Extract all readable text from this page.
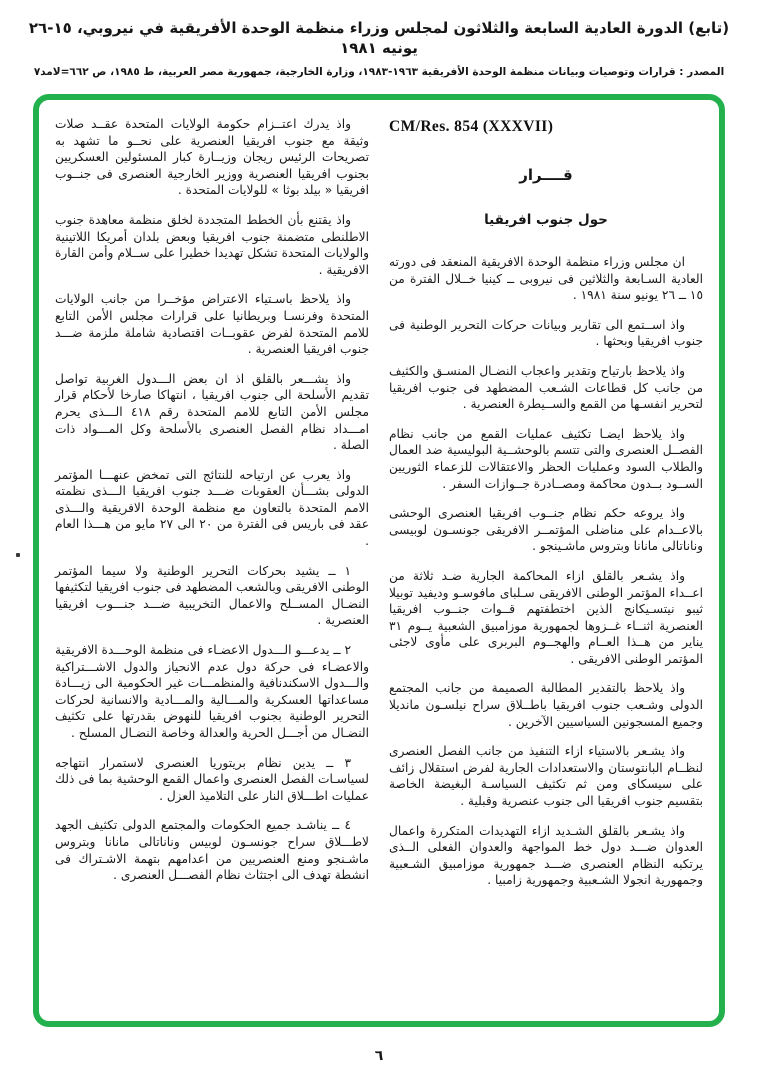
(تابع) الدورة العادية السابعة والثلاثون لمجلس وزراء منظمة الوحدة الأفريقية في نيروبي، ١٥-٢٦ يونيه ١٩٨١
المصدر : قرارات وتوصيات وبيانات منظمة الوحدة الأفريقية ١٩٦٣-١٩٨٣، وزارة الخارجية، جمهورية مصر العربية، ط ١٩٨٥، ص ٦٦٢=لامد٧
CM/Res. 854 (XXXVII)
قــــرار
حول جنوب افريقيا

ان مجلس وزراء منظمة الوحدة الافريقية المنعقد فى دورته العادية السـابعة والثلاثين فى نيروبى ــ كينيا خــلال الفترة من ١٥ ــ ٢٦ يونيو سنة ١٩٨١ .

واذ اســتمع الى تقارير وبيانات حركات التحرير الوطنية فى جنوب افريقيا وبحثها .

واذ يلاحظ بارتياح وتقدير واعجاب النضـال المنسـق والكثيف من جانب كل قطاعات الشـعب المضطهد فى جنوب افريقيا لتحرير انفسـها من القمع والســيطرة العنصرية .

واذ يلاحظ ايضـا تكثيف عمليات القمع من جانب نظام الفصــل العنصرى والتى تتسم بالوحشــية البوليسية ضد العمال والطلاب السود وعمليات الحظر والاعتقالات للزعماء الثوريين الســود بــدون محاكمة ومصــادرة جــوازات السفر .

واذ يروعه حكم نظام جنــوب افريقيا العنصرى الوحشى بالاعــدام على مناضلى المؤتمــر الافريقى جونسـون لوبيسى وناناتالى مانانا وبتروس ماشـينجو .

واذ يشـعر بالقلق ازاء المحاكمة الجارية ضـد ثلاثة من اعــداء المؤتمر الوطنى الافريقى سـلباى مافوسـو وديفيد توبيلا ثيبو نيتسـيكانج الذين اختطفتهم قــوات جنــوب افريقيا العنصرية اثنــاء غــزوها لجمهورية موزامبيق الشعبية يــوم ٣١ يناير من هــذا العــام والهجــوم البربرى على مأوى لاجئى المؤتمر الوطنى الافريقى .

واذ يلاحظ بالتقدير المطالبة الصميمة من جانب المجتمع الدولى وشـعب جنوب افريقيا باطــلاق سراح نيلسـون مانديلا وجميع المسجونين السياسيين الآخرين .

واذ يشـعر بالاستياء ازاء التنفيذ من جانب الفصل العنصرى لنظــام البانتوستان والاستعدادات الجارية لفرض استقلال زائف على سيسكاى ومن ثم تكثيف السياسـة البغيضة الخاصة بتقسيم جنوب افريقيا الى جنوب عنصرية وقبلية .

واذ يشـعر بالقلق الشـديد ازاء التهديدات المتكررة واعمال العدوان ضـــد دول خط المواجهة والعدوان الفعلى الــذى يرتكبه النظام العنصرى ضـــد جمهورية موزامبيق الشـعبية وجمهورية انجولا الشـعبية وجمهورية زامبيا .

واذ يدرك اعتــزام حكومة الولايات المتحدة عقــد صلات وثيقة مع جنوب افريقيا العنصرية على نحــو ما تشهد به تصريحات الرئيس ريجان وزيــارة كبار المسئولين العسكريين بجنوب افريقيا العنصرية ووزير الخارجية العنصرى فى جنــوب افريقيا « بيلد بوثا » للولايات المتحدة .

واذ يقتنع بأن الخطط المتجددة لخلق منظمة معاهدة جنوب الاطلنطى متضمنة جنوب افريقيا وبعض بلدان أمريكا اللاتينية والولايات المتحدة تشكل تهديدا خطيرا على ســلام وأمن القارة الافريقية .

واذ يلاحظ باسـتياء الاعتراض مؤخــرا من جانب الولايات المتحدة وفرنسـا وبريطانيا على قرارات مجلس الأمن التابع للامم المتحدة لفرض عقوبــات اقتصادية شاملة ملزمة ضـــد جنوب افريقيا العنصرية .

واذ يشـــعر بالقلق اذ ان بعض الـــدول الغربية تواصل تقديم الأسلحة الى جنوب افريقيا ، انتهاكا صارخا لأحكام قرار مجلس الأمن التابع للامم المتحدة رقم ٤١٨ الـــذى يحرم امـــداد نظام الفصل العنصرى بالأسلحة وكل المـــواد ذات الصلة .

واذ يعرب عن ارتياحه للنتائج التى تمخض عنهـــا المؤتمر الدولى بشـــأن العقوبات ضـــد جنوب افريقيا الـــذى نظمته الامم المتحدة بالتعاون مع منظمة الوحدة الافريقية والـــذى عقد فى باريس فى الفترة من ٢٠ الى ٢٧ مايو من هـــذا العام .

١ ــ يشيد بحركات التحرير الوطنية ولا سيما المؤتمر الوطنى الافريقى وبالشعب المضطهد فى جنوب افريقيا لتكثيفها النضـال المســلح والاعمال التخريبية ضـــد جنـــوب افريقيا العنصرية .

٢ ــ يدعـــو الـــدول الاعضـاء فى منظمة الوحـــدة الافريقية والاعضـاء فى حركة دول عدم الانحياز والدول الاشـــتراكية والـــدول الاسكندنافية والمنظمـــات غير الحكومية الى زيـــادة مساعداتها العسكرية والمـــالية والمـــادية والانسانية لحركات التحرير الوطنية بجنوب افريقيا للنهوض بقدرتها على تكثيف النضـال من أجـــل الحرية والعدالة وخاصة النضـال المسلح .

٣ ــ يدين نظام بريتوريا العنصرى لاستمرار انتهاجه لسياسـات الفصل العنصرى واعمال القمع الوحشية بما فى ذلك عمليات اطـــلاق النار على التلاميذ العزل .

٤ ــ يناشـد جميع الحكومات والمجتمع الدولى تكثيف الجهد لاطـــلاق سراح جونسـون لوبيس وناناتالى مانانا وبتروس ماشـنجو ومنع العنصريين من اعدامهم بتهمة الاشـتراك فى انشطة تهدف الى اجتثاث نظام الفصـــل العنصرى .

٦
